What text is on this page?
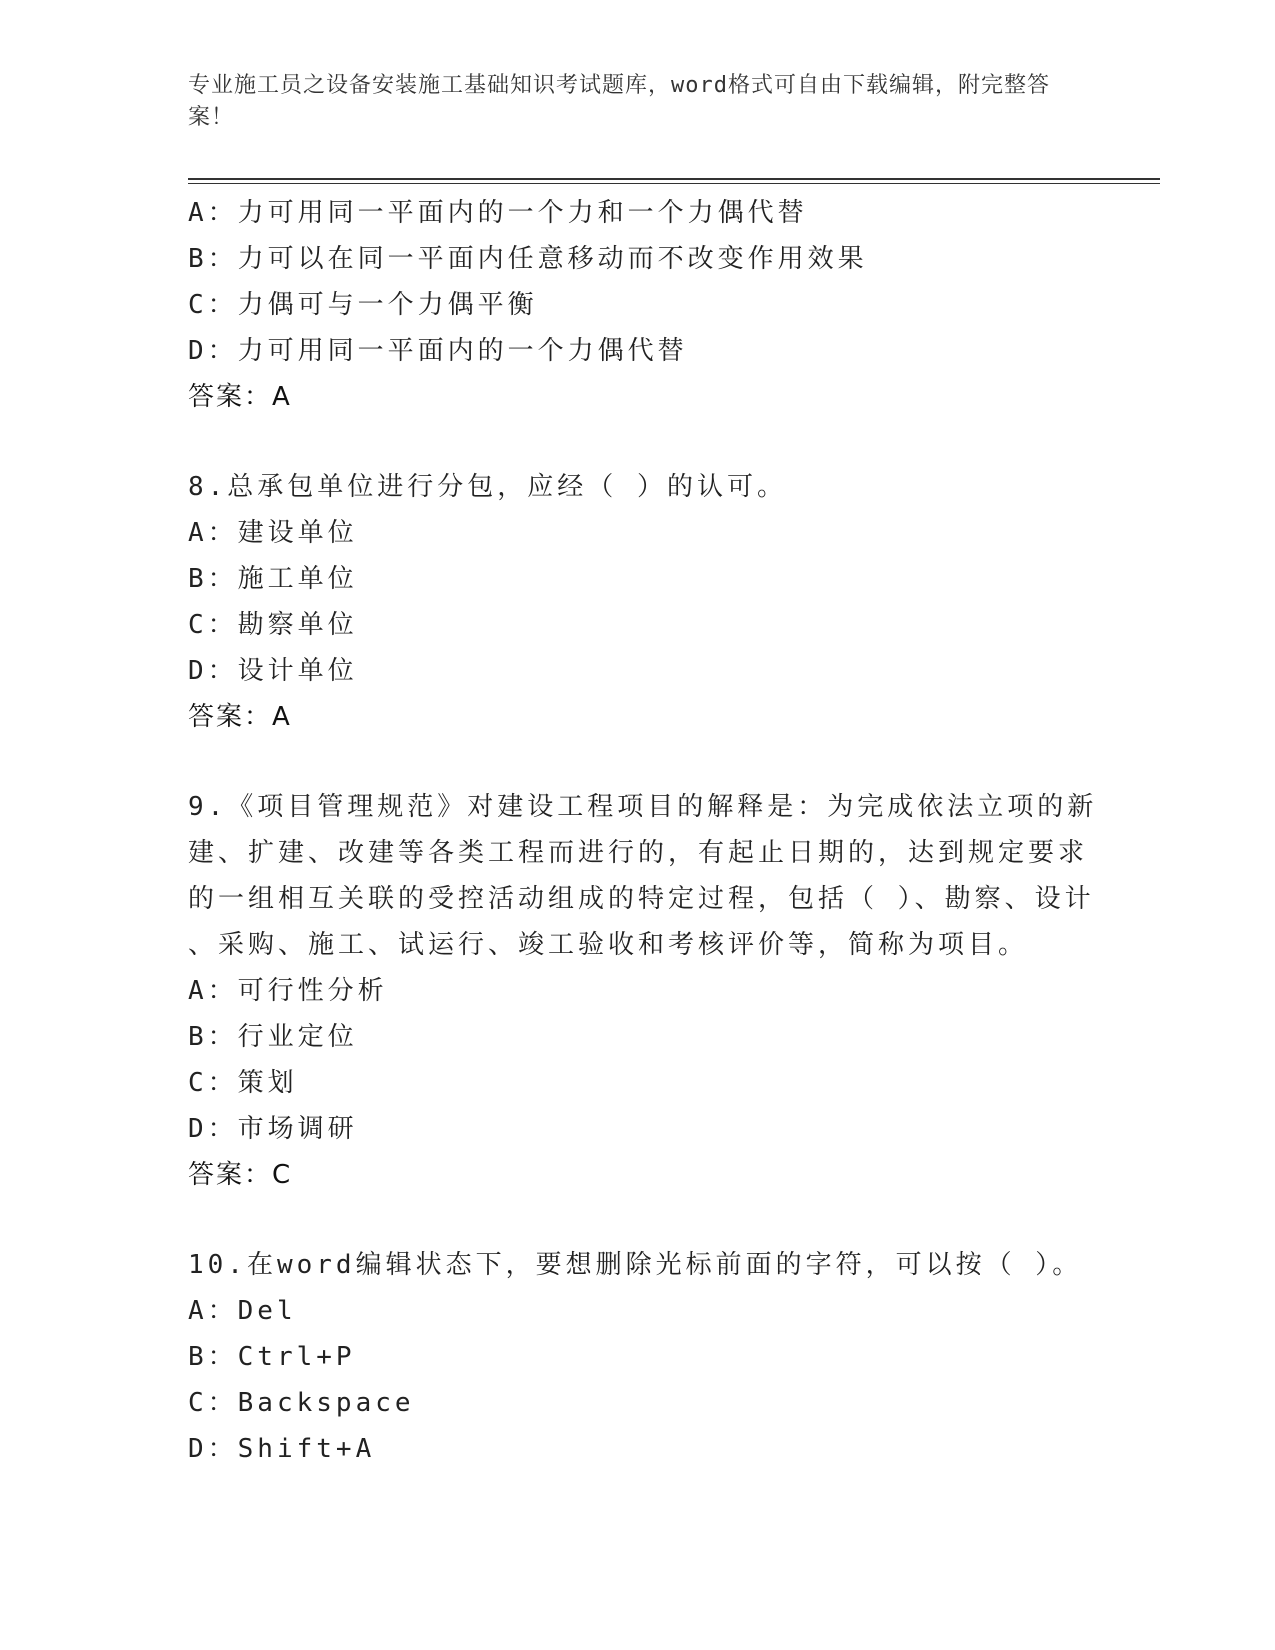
专业施工员之设备安装施工基础知识考试题库，word格式可自由下载编辑，附完整答案！
A：力可用同一平面内的一个力和一个力偶代替
B：力可以在同一平面内任意移动而不改变作用效果
C：力偶可与一个力偶平衡
D：力可用同一平面内的一个力偶代替
答案：A
8.总承包单位进行分包，应经（ ）的认可。
A：建设单位
B：施工单位
C：勘察单位
D：设计单位
答案：A
9.《项目管理规范》对建设工程项目的解释是：为完成依法立项的新
建、扩建、改建等各类工程而进行的，有起止日期的，达到规定要求
的一组相互关联的受控活动组成的特定过程，包括（ ）、勘察、设计
、采购、施工、试运行、竣工验收和考核评价等，简称为项目。
A：可行性分析
B：行业定位
C：策划
D：市场调研
答案：C
10.在word编辑状态下，要想删除光标前面的字符，可以按（ ）。
A：Del
B：Ctrl+P
C：Backspace
D：Shift+A
